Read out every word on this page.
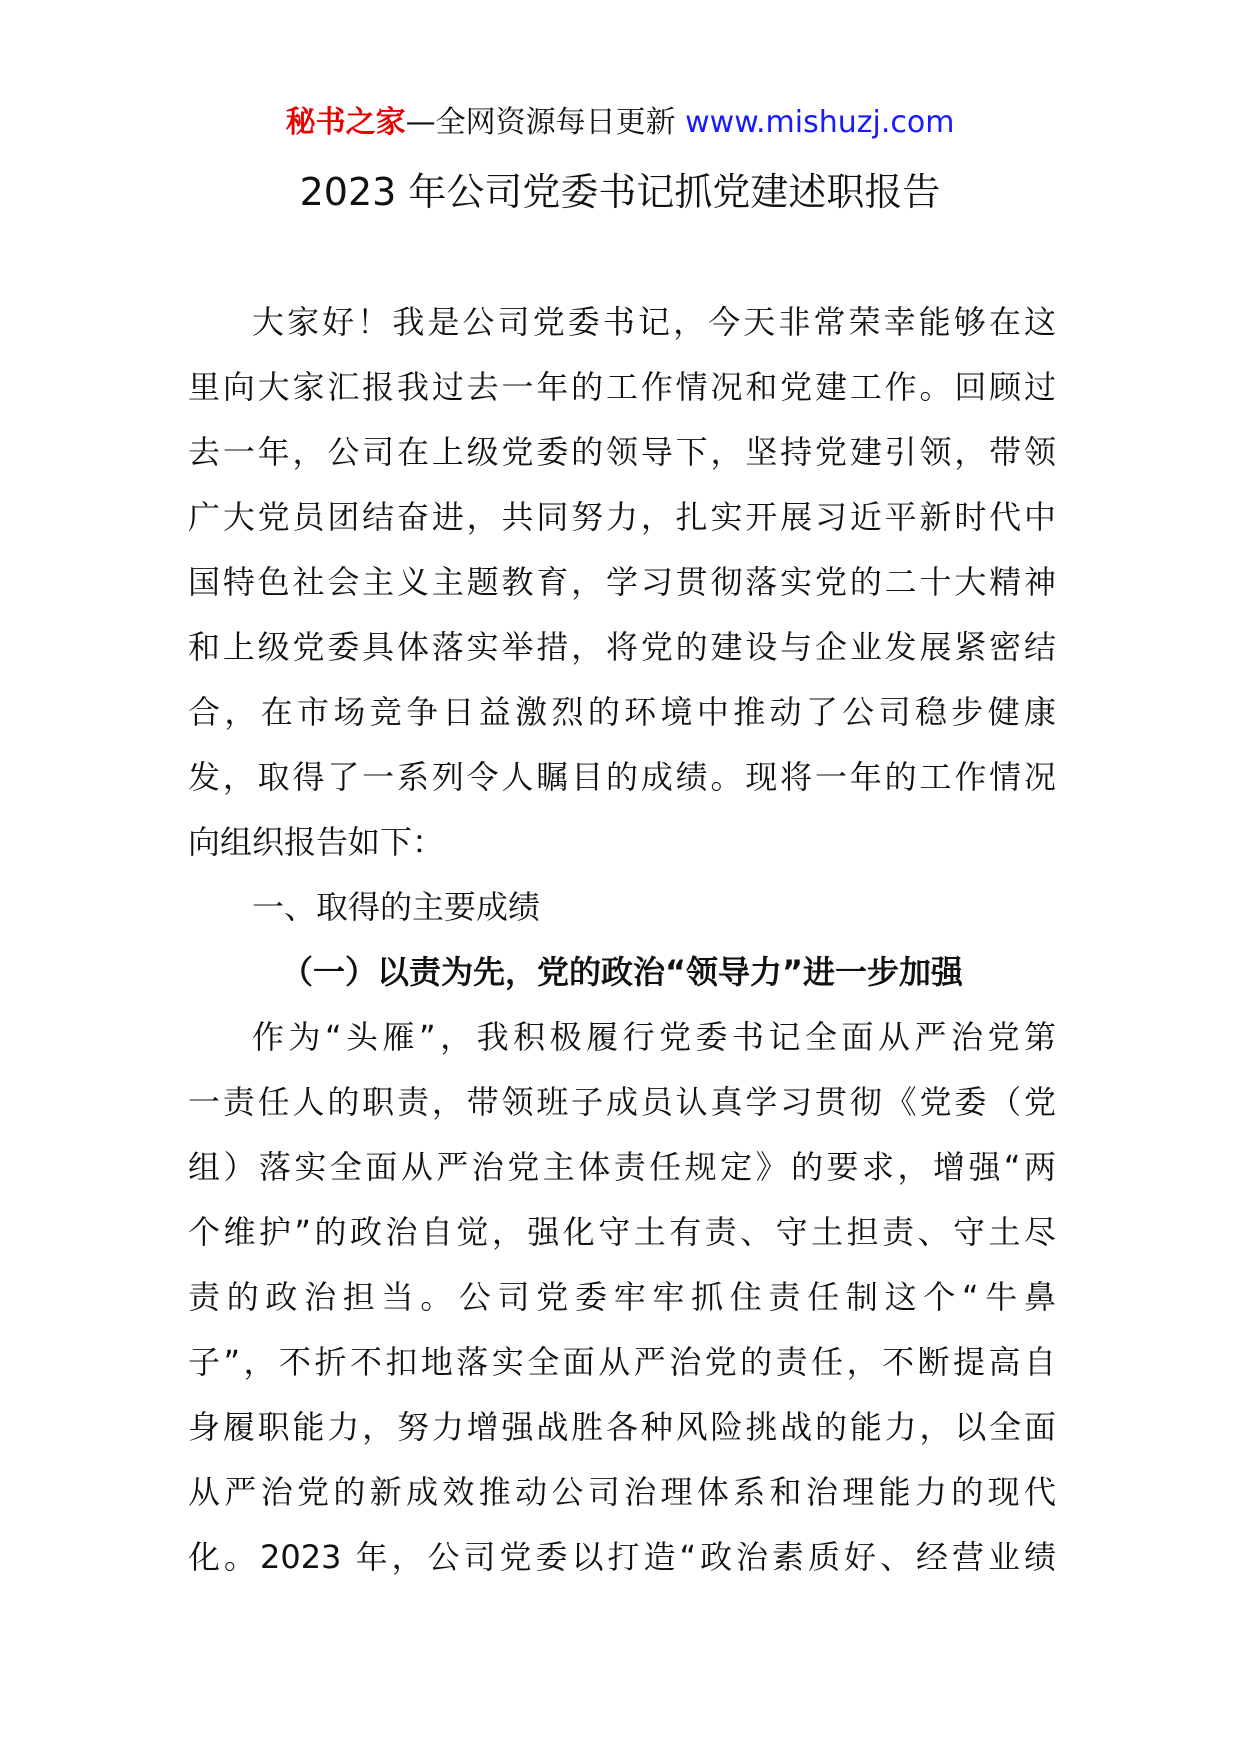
秘书之家—全网资源每日更新 www.mishuzj.com
2023 年公司党委书记抓党建述职报告
大家好！我是公司党委书记，今天非常荣幸能够在这
里向大家汇报我过去一年的工作情况和党建工作。回顾过
去一年，公司在上级党委的领导下，坚持党建引领，带领
广大党员团结奋进，共同努力，扎实开展习近平新时代中
国特色社会主义主题教育，学习贯彻落实党的二十大精神
和上级党委具体落实举措，将党的建设与企业发展紧密结
合，在市场竞争日益激烈的环境中推动了公司稳步健康
发，取得了一系列令人瞩目的成绩。现将一年的工作情况
向组织报告如下：
一、取得的主要成绩
（一）以责为先，党的政治“领导力”进一步加强
作为“头雁”，我积极履行党委书记全面从严治党第
一责任人的职责，带领班子成员认真学习贯彻《党委（党
组）落实全面从严治党主体责任规定》的要求，增强“两
个维护”的政治自觉，强化守土有责、守土担责、守土尽
责的政治担当。公司党委牢牢抓住责任制这个“牛鼻
子”，不折不扣地落实全面从严治党的责任，不断提高自
身履职能力，努力增强战胜各种风险挑战的能力，以全面
从严治党的新成效推动公司治理体系和治理能力的现代
化。2023 年，公司党委以打造“政治素质好、经营业绩
